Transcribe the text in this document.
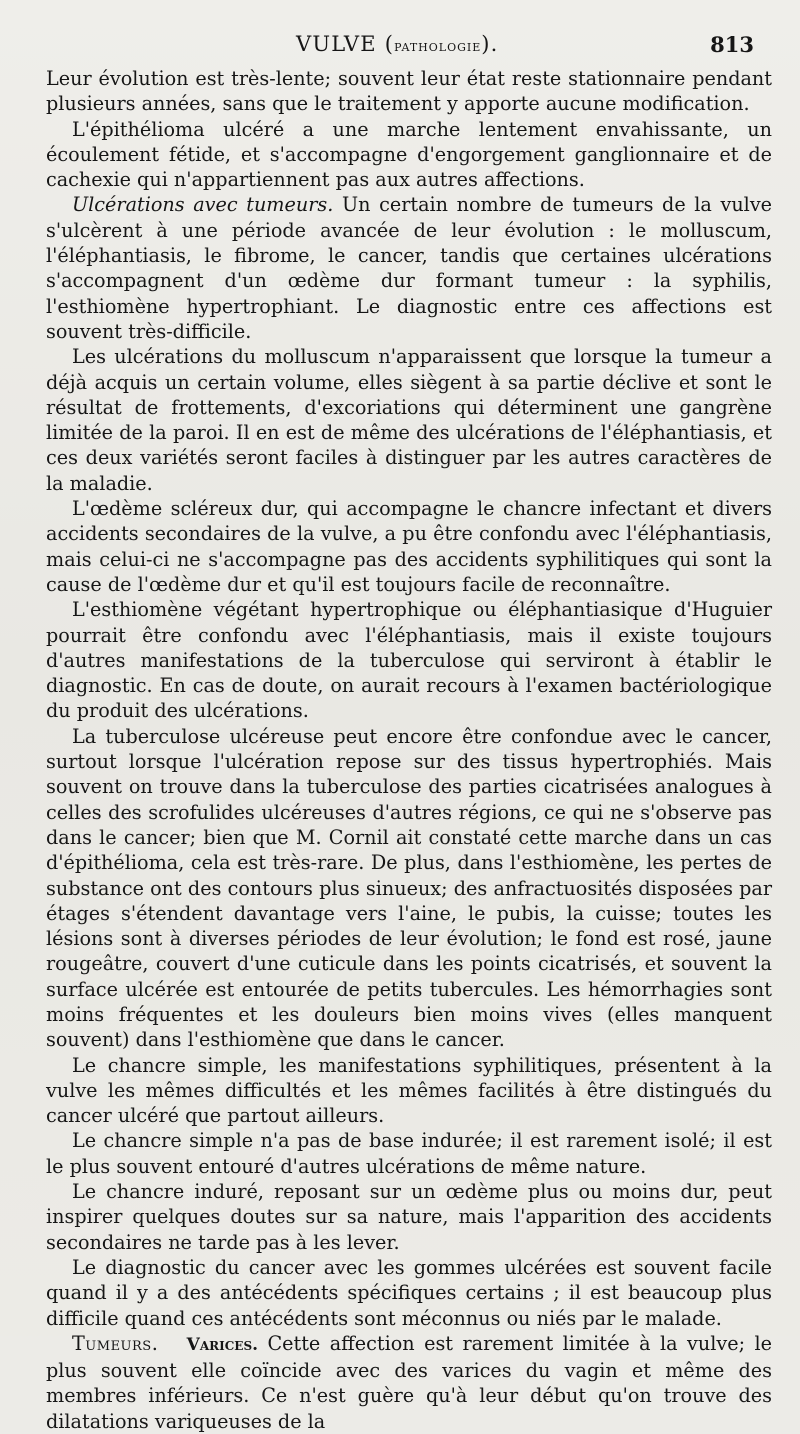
VULVE (pathologie).	813

Leur évolution est très-lente; souvent leur état reste stationnaire pendant plusieurs années, sans que le traitement y apporte aucune modification.

L'épithélioma ulcéré a une marche lentement envahissante, un écoulement fétide, et s'accompagne d'engorgement ganglionnaire et de cachexie qui n'appartiennent pas aux autres affections.

Ulcérations avec tumeurs. Un certain nombre de tumeurs de la vulve s'ulcèrent à une période avancée de leur évolution : le molluscum, l'éléphantiasis, le fibrome, le cancer, tandis que certaines ulcérations s'accompagnent d'un œdème dur formant tumeur : la syphilis, l'esthiomène hypertrophiant. Le diagnostic entre ces affections est souvent très-difficile.

Les ulcérations du molluscum n'apparaissent que lorsque la tumeur a déjà acquis un certain volume, elles siègent à sa partie déclive et sont le résultat de frottements, d'excoriations qui déterminent une gangrène limitée de la paroi. Il en est de même des ulcérations de l'éléphantiasis, et ces deux variétés seront faciles à distinguer par les autres caractères de la maladie.

L'œdème scléreux dur, qui accompagne le chancre infectant et divers accidents secondaires de la vulve, a pu être confondu avec l'éléphantiasis, mais celui-ci ne s'accompagne pas des accidents syphilitiques qui sont la cause de l'œdème dur et qu'il est toujours facile de reconnaître.

L'esthiomène végétant hypertrophique ou éléphantiasique d'Huguier pourrait être confondu avec l'éléphantiasis, mais il existe toujours d'autres manifestations de la tuberculose qui serviront à établir le diagnostic. En cas de doute, on aurait recours à l'examen bactériologique du produit des ulcérations.

La tuberculose ulcéreuse peut encore être confondue avec le cancer, surtout lorsque l'ulcération repose sur des tissus hypertrophiés. Mais souvent on trouve dans la tuberculose des parties cicatrisées analogues à celles des scrofulides ulcéreuses d'autres régions, ce qui ne s'observe pas dans le cancer; bien que M. Cornil ait constaté cette marche dans un cas d'épithélioma, cela est très-rare. De plus, dans l'esthiomène, les pertes de substance ont des contours plus sinueux; des anfractuosités disposées par étages s'étendent davantage vers l'aine, le pubis, la cuisse; toutes les lésions sont à diverses périodes de leur évolution; le fond est rosé, jaune rougeâtre, couvert d'une cuticule dans les points cicatrisés, et souvent la surface ulcérée est entourée de petits tubercules. Les hémorrhagies sont moins fréquentes et les douleurs bien moins vives (elles manquent souvent) dans l'esthiomène que dans le cancer.

Le chancre simple, les manifestations syphilitiques, présentent à la vulve les mêmes difficultés et les mêmes facilités à être distingués du cancer ulcéré que partout ailleurs.

Le chancre simple n'a pas de base indurée; il est rarement isolé; il est le plus souvent entouré d'autres ulcérations de même nature.

Le chancre induré, reposant sur un œdème plus ou moins dur, peut inspirer quelques doutes sur sa nature, mais l'apparition des accidents secondaires ne tarde pas à les lever.

Le diagnostic du cancer avec les gommes ulcérées est souvent facile quand il y a des antécédents spécifiques certains ; il est beaucoup plus difficile quand ces antécédents sont méconnus ou niés par le malade.

Tumeurs. Varices. Cette affection est rarement limitée à la vulve; le plus souvent elle coïncide avec des varices du vagin et même des membres inférieurs. Ce n'est guère qu'à leur début qu'on trouve des dilatations variqueuses de la
